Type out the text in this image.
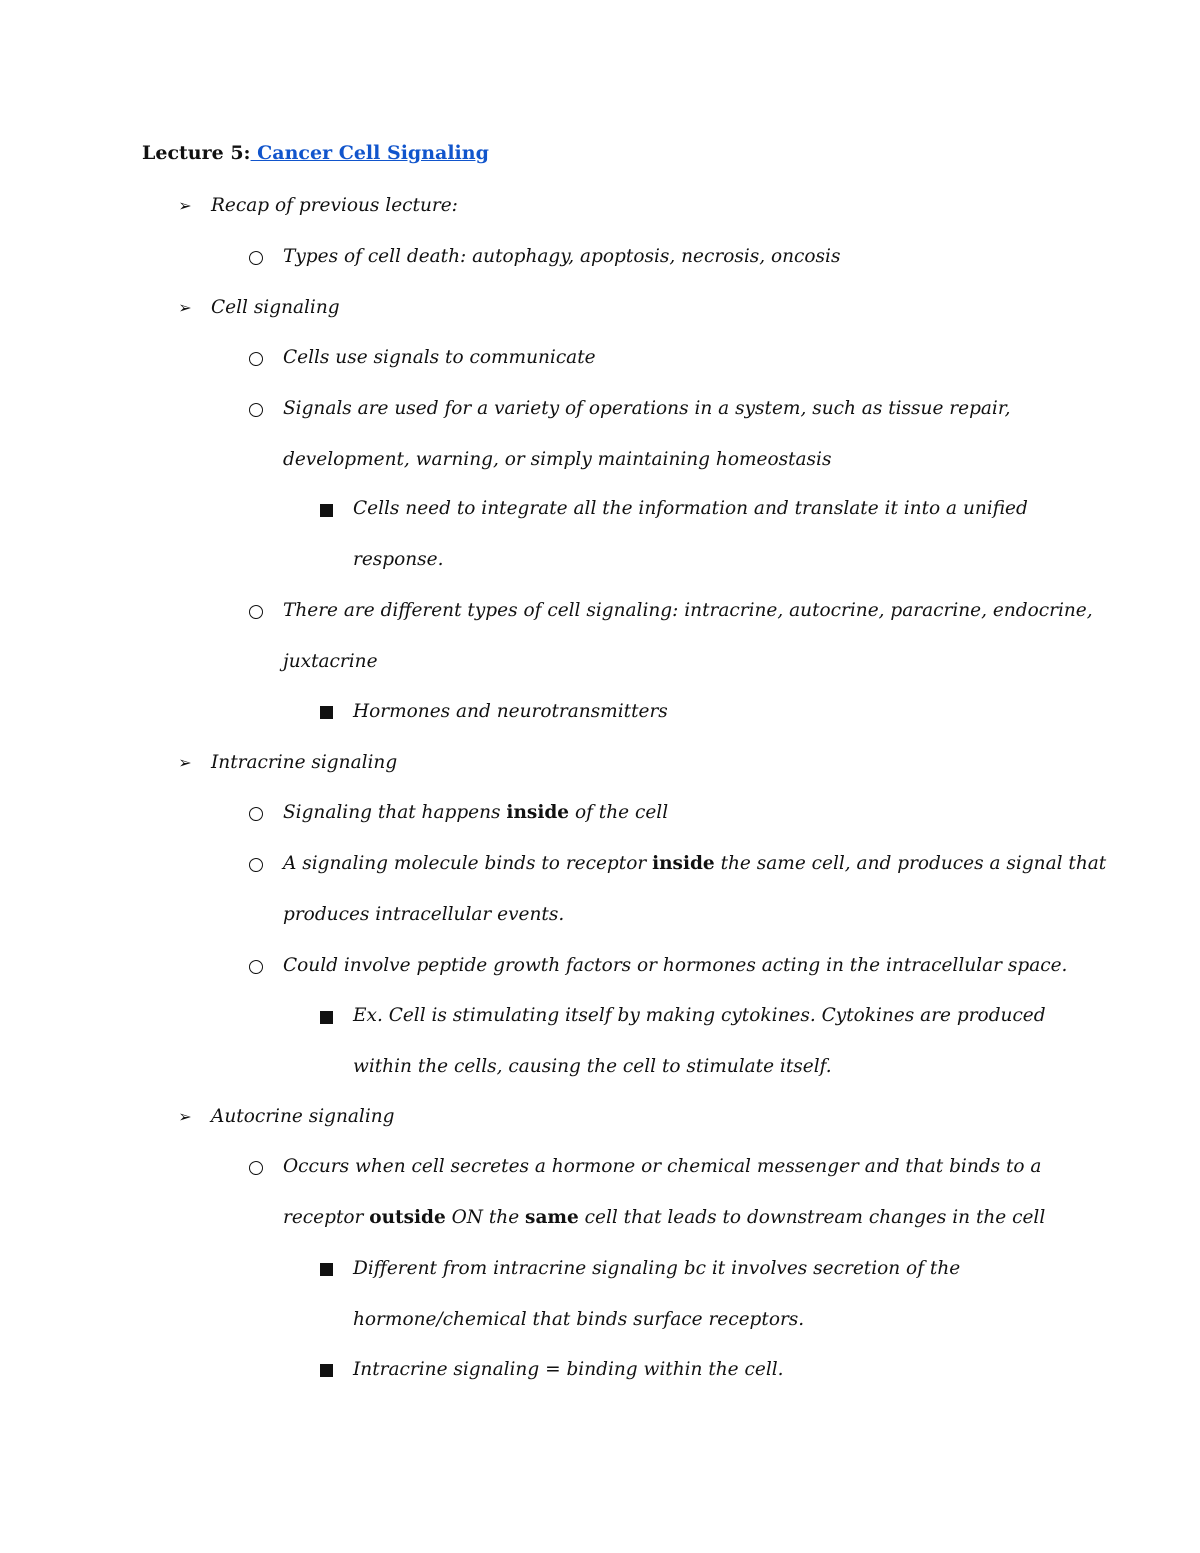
Lecture 5: Cancer Cell Signaling
➢ Recap of previous lecture:
Types of cell death: autophagy, apoptosis, necrosis, oncosis
➢ Cell signaling
Cells use signals to communicate
Signals are used for a variety of operations in a system, such as tissue repair,
development, warning, or simply maintaining homeostasis
Cells need to integrate all the information and translate it into a unified
response.
There are different types of cell signaling: intracrine, autocrine, paracrine, endocrine,
juxtacrine
Hormones and neurotransmitters
➢ Intracrine signaling
Signaling that happens inside of the cell
A signaling molecule binds to receptor inside the same cell, and produces a signal that
produces intracellular events.
Could involve peptide growth factors or hormones acting in the intracellular space.
Ex. Cell is stimulating itself by making cytokines. Cytokines are produced
within the cells, causing the cell to stimulate itself.
➢ Autocrine signaling
Occurs when cell secretes a hormone or chemical messenger and that binds to a
receptor outside ON the same cell that leads to downstream changes in the cell
Different from intracrine signaling bc it involves secretion of the
hormone/chemical that binds surface receptors.
Intracrine signaling = binding within the cell.
